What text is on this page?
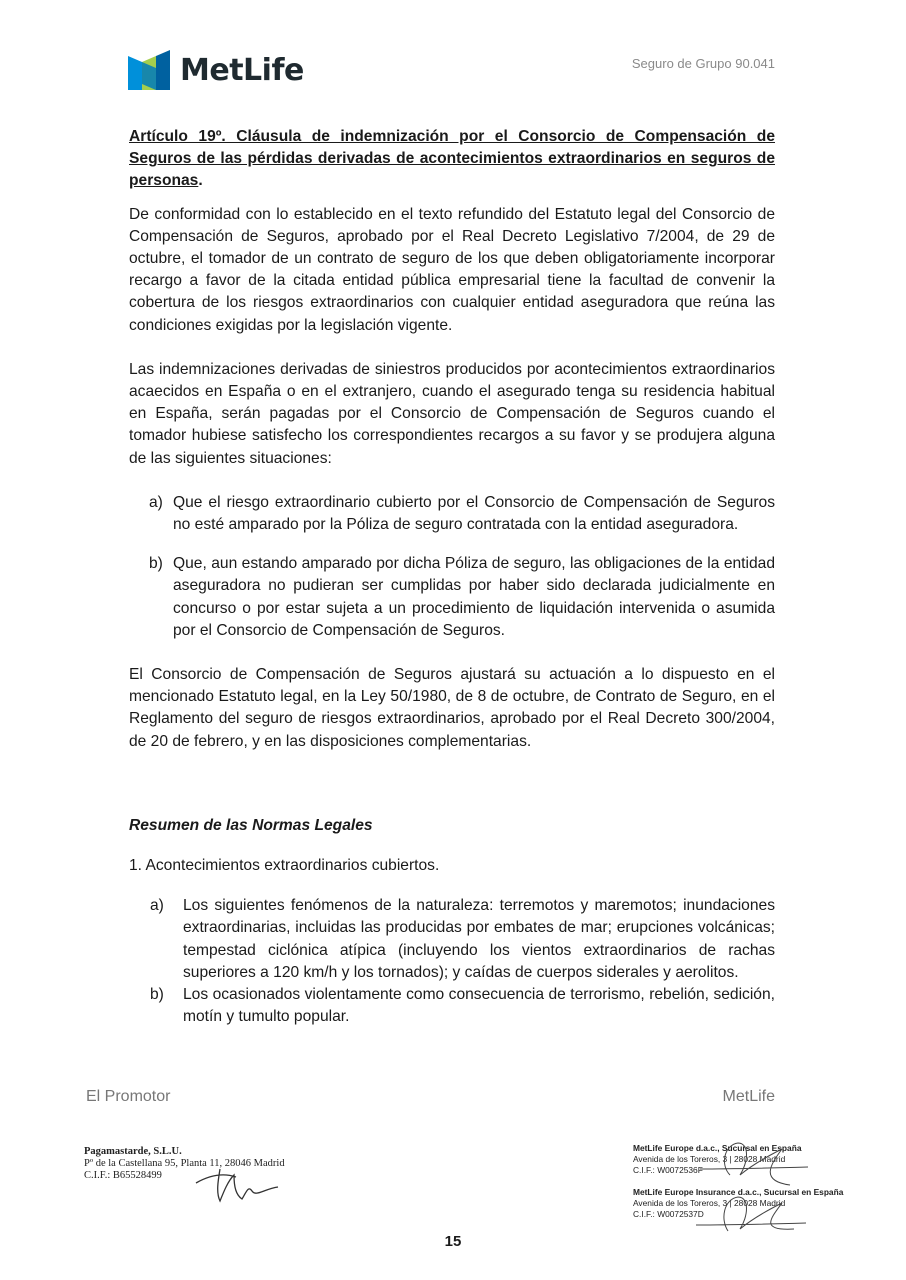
MetLife	Seguro de Grupo 90.041

Artículo 19º. Cláusula de indemnización por el Consorcio de Compensación de Seguros de las pérdidas derivadas de acontecimientos extraordinarios en seguros de personas.

De conformidad con lo establecido en el texto refundido del Estatuto legal del Consorcio de Compensación de Seguros, aprobado por el Real Decreto Legislativo 7/2004, de 29 de octubre, el tomador de un contrato de seguro de los que deben obligatoriamente incorporar recargo a favor de la citada entidad pública empresarial tiene la facultad de convenir la cobertura de los riesgos extraordinarios con cualquier entidad aseguradora que reúna las condiciones exigidas por la legislación vigente.

Las indemnizaciones derivadas de siniestros producidos por acontecimientos extraordinarios acaecidos en España o en el extranjero, cuando el asegurado tenga su residencia habitual en España, serán pagadas por el Consorcio de Compensación de Seguros cuando el tomador hubiese satisfecho los correspondientes recargos a su favor y se produjera alguna de las siguientes situaciones:

a) Que el riesgo extraordinario cubierto por el Consorcio de Compensación de Seguros no esté amparado por la Póliza de seguro contratada con la entidad aseguradora.
b) Que, aun estando amparado por dicha Póliza de seguro, las obligaciones de la entidad aseguradora no pudieran ser cumplidas por haber sido declarada judicialmente en concurso o por estar sujeta a un procedimiento de liquidación intervenida o asumida por el Consorcio de Compensación de Seguros.

El Consorcio de Compensación de Seguros ajustará su actuación a lo dispuesto en el mencionado Estatuto legal, en la Ley 50/1980, de 8 de octubre, de Contrato de Seguro, en el Reglamento del seguro de riesgos extraordinarios, aprobado por el Real Decreto 300/2004, de 20 de febrero, y en las disposiciones complementarias.

Resumen de las Normas Legales

1. Acontecimientos extraordinarios cubiertos.

a) Los siguientes fenómenos de la naturaleza: terremotos y maremotos; inundaciones extraordinarias, incluidas las producidas por embates de mar; erupciones volcánicas; tempestad ciclónica atípica (incluyendo los vientos extraordinarios de rachas superiores a 120 km/h y los tornados); y caídas de cuerpos siderales y aerolitos.
b) Los ocasionados violentamente como consecuencia de terrorismo, rebelión, sedición, motín y tumulto popular.
El Promotor	MetLife
Pagamastarde, S.L.U.
Pº de la Castellana 95, Planta 11, 28046 Madrid
C.I.F.: B65528499
MetLife Europe d.a.c., Sucursal en España
Avenida de los Toreros, 3 | 28028 Madrid
C.I.F.: W0072536F
MetLife Europe Insurance d.a.c., Sucursal en España
Avenida de los Toreros, 3 | 28028 Madrid
C.I.F.: W0072537D
15
